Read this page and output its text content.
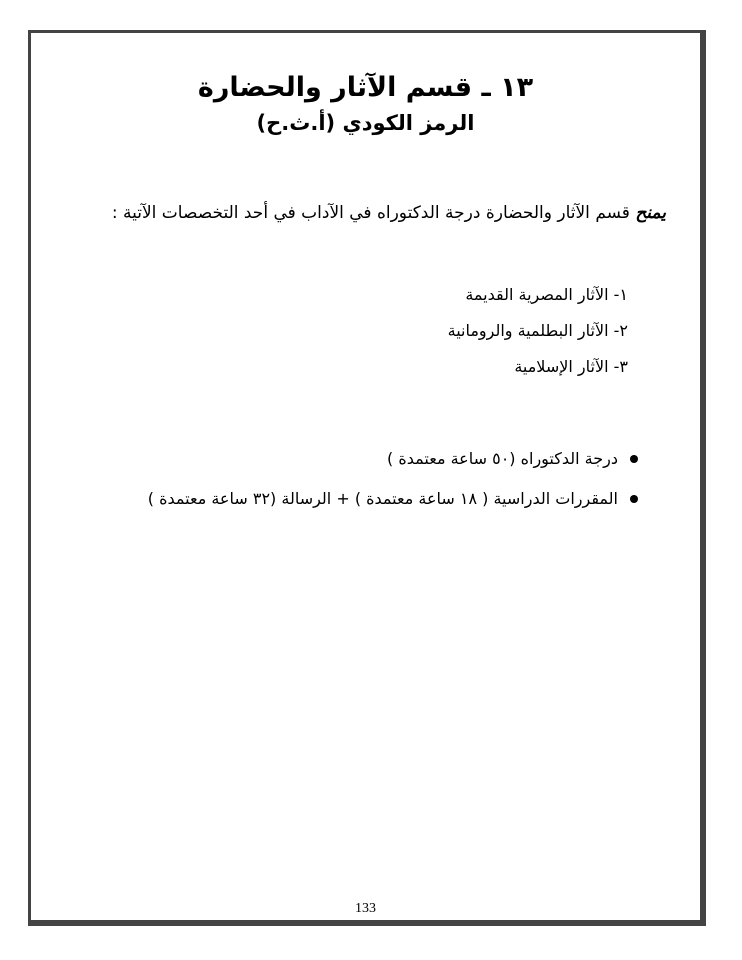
١٣ ـ قسم الآثار والحضارة
الرمز الكودي (أ.ث.ح)

يمنح قسم الآثار والحضارة درجة الدكتوراه في الآداب في أحد التخصصات الآتية :

١- الآثار المصرية القديمة
٢- الآثار البطلمية والرومانية
٣- الآثار الإسلامية
درجة الدكتوراه (٥٠ ساعة معتمدة )
المقررات الدراسية ( ١٨ ساعة معتمدة ) + الرسالة (٣٢ ساعة معتمدة )
133
